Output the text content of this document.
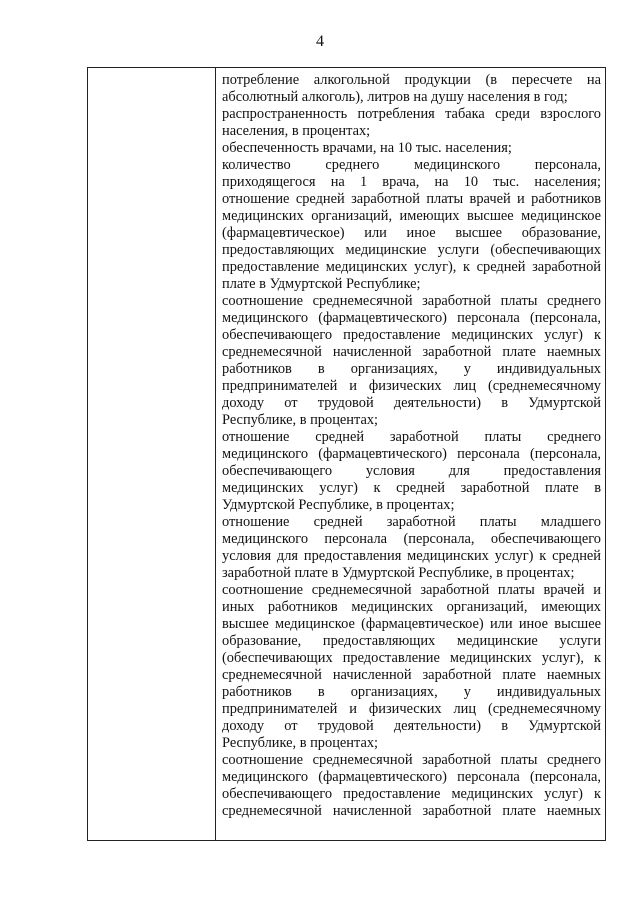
4
потребление алкогольной продукции (в пересчете на
абсолютный алкоголь), литров на душу населения в год;
распространенность потребления табака среди взрослого
населения, в процентах;
обеспеченность врачами, на 10 тыс. населения;
количество среднего медицинского персонала,
приходящегося на 1 врача, на 10 тыс. населения;
отношение средней заработной платы врачей и работников
медицинских организаций, имеющих высшее медицинское
(фармацевтическое) или иное высшее образование,
предоставляющих медицинские услуги (обеспечивающих
предоставление медицинских услуг), к средней заработной
плате в Удмуртской Республике;
соотношение среднемесячной заработной платы среднего
медицинского (фармацевтического) персонала (персонала,
обеспечивающего предоставление медицинских услуг) к
среднемесячной начисленной заработной плате наемных
работников в организациях, у индивидуальных
предпринимателей и физических лиц (среднемесячному
доходу от трудовой деятельности) в Удмуртской
Республике, в процентах;
отношение средней заработной платы среднего
медицинского (фармацевтического) персонала (персонала,
обеспечивающего условия для предоставления
медицинских услуг) к средней заработной плате в
Удмуртской Республике, в процентах;
отношение средней заработной платы младшего
медицинского персонала (персонала, обеспечивающего
условия для предоставления медицинских услуг) к средней
заработной плате в Удмуртской Республике, в процентах;
соотношение среднемесячной заработной платы врачей и
иных работников медицинских организаций, имеющих
высшее медицинское (фармацевтическое) или иное высшее
образование, предоставляющих медицинские услуги
(обеспечивающих предоставление медицинских услуг), к
среднемесячной начисленной заработной плате наемных
работников в организациях, у индивидуальных
предпринимателей и физических лиц (среднемесячному
доходу от трудовой деятельности) в Удмуртской
Республике, в процентах;
соотношение среднемесячной заработной платы среднего
медицинского (фармацевтического) персонала (персонала,
обеспечивающего предоставление медицинских услуг) к
среднемесячной начисленной заработной плате наемных
